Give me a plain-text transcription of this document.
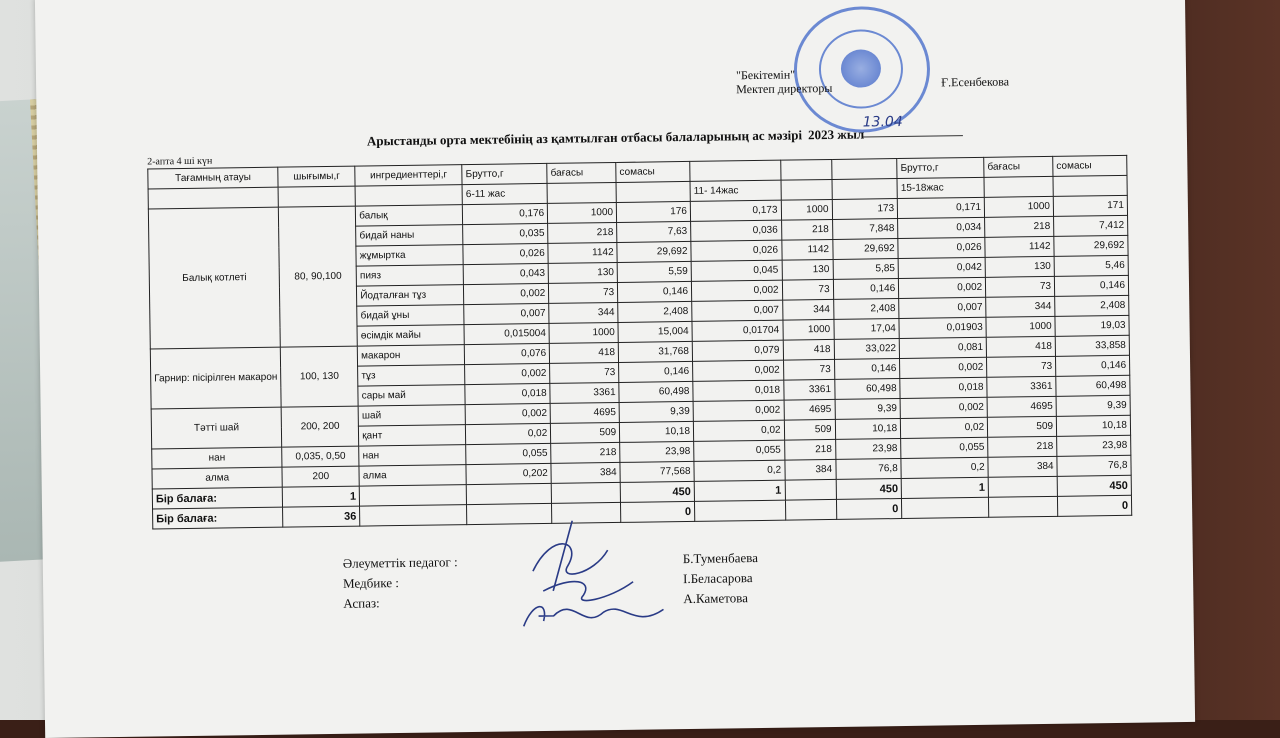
"Бекітемін"
Мектеп директоры	Ғ.Есенбекова
13.04
Арыстанды орта мектебінің аз қамтылған отбасы балаларының ас мәзірі 2023 жыл
2-апта 4 ші күн
Тағамның атауы	шығымы,г	ингредиенттері,г	Брутто,г	бағасы	сомасы				Брутто,г	бағасы	сомасы
			6-11 жас			11- 14жас			15-18жас		
Балық котлеті	80, 90,100	балық	0,176	1000	176	0,173	1000	173	0,171	1000	171
		бидай наны	0,035	218	7,63	0,036	218	7,848	0,034	218	7,412
		жұмыртка	0,026	1142	29,692	0,026	1142	29,692	0,026	1142	29,692
		пияз	0,043	130	5,59	0,045	130	5,85	0,042	130	5,46
		Йодталған тұз	0,002	73	0,146	0,002	73	0,146	0,002	73	0,146
		бидай ұны	0,007	344	2,408	0,007	344	2,408	0,007	344	2,408
		өсімдік майы	0,015004	1000	15,004	0,01704	1000	17,04	0,01903	1000	19,03
Гарнир: пісірілген макарон	100, 130	макарон	0,076	418	31,768	0,079	418	33,022	0,081	418	33,858
		тұз	0,002	73	0,146	0,002	73	0,146	0,002	73	0,146
		сары май	0,018	3361	60,498	0,018	3361	60,498	0,018	3361	60,498
Тәтті шай	200, 200	шай	0,002	4695	9,39	0,002	4695	9,39	0,002	4695	9,39
		қант	0,02	509	10,18	0,02	509	10,18	0,02	509	10,18
нан	0,035, 0,50	нан	0,055	218	23,98	0,055	218	23,98	0,055	218	23,98
алма	200	алма	0,202	384	77,568	0,2	384	76,8	0,2	384	76,8
Бір балаға:	1				450	1		450	1		450
Бір балаға:	36				0			0			0
Әлеуметтік педагог :	Б.Туменбаева
Медбике :	І.Беласарова
Аспаз:	А.Каметова
